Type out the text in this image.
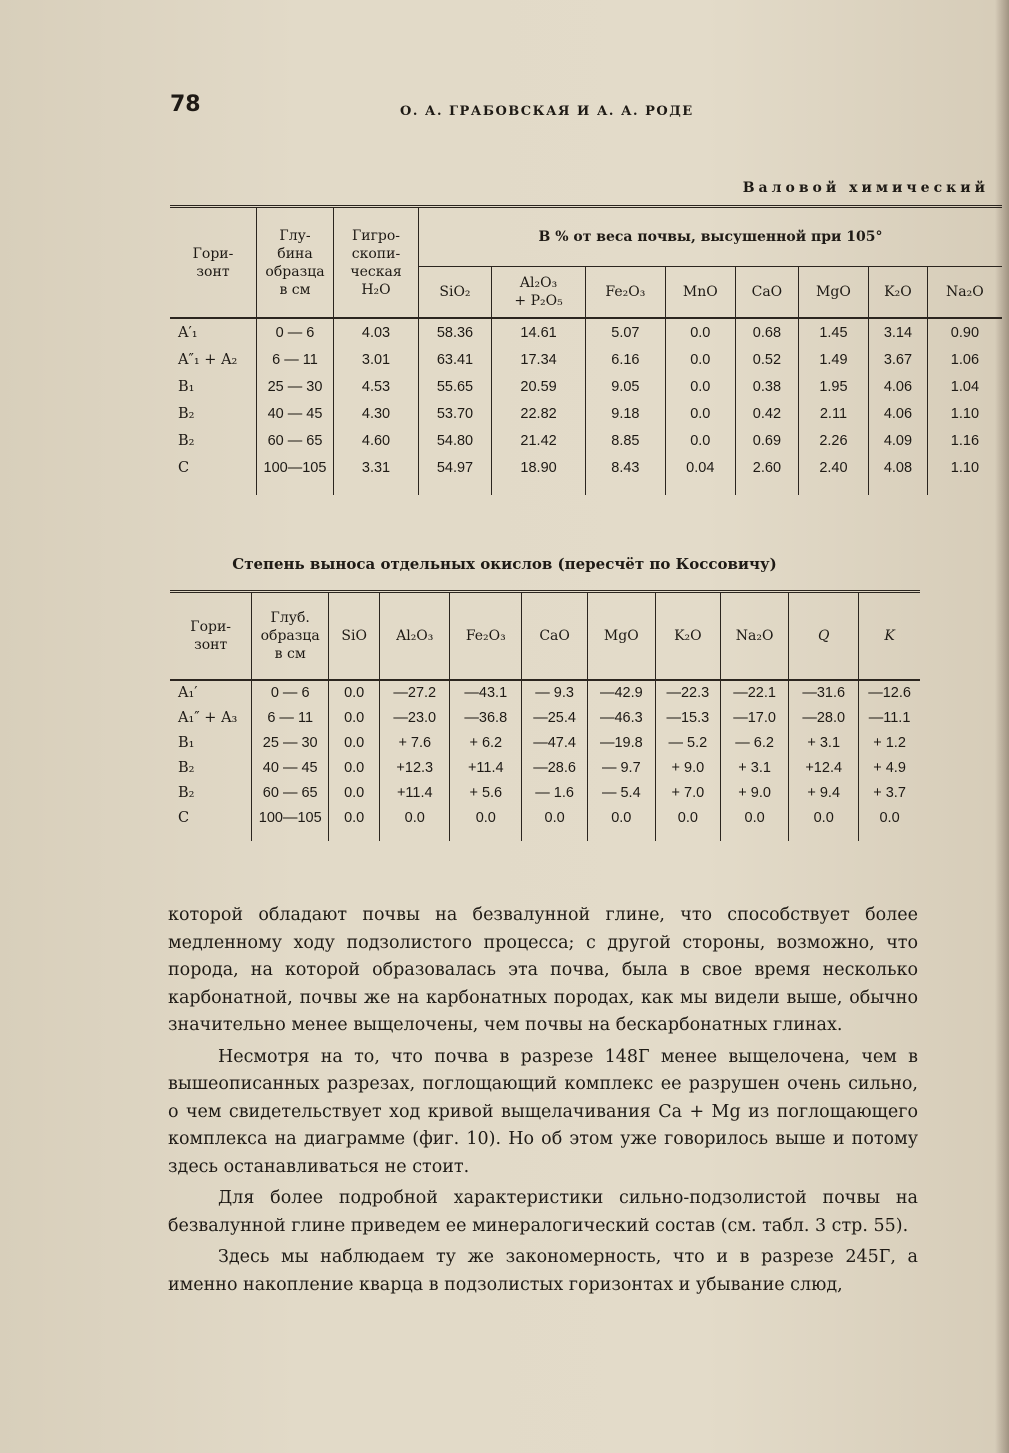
78	О. А. ГРАБОВСКАЯ И А. А. РОДЕ
Валовой химический
Гори-
зонт	Глу-
бина
образца
в см	Гигро-
скопи-
ческая
H₂O	В % от веса почвы, высушенной при 105°							
			SiO₂	Al₂O₃
+ P₂O₅	Fe₂O₃	MnO	CaO	MgO	K₂O	Na₂O
A′₁	0 — 6	4.03	58.36	14.61	5.07	0.0	0.68	1.45	3.14	0.90
A″₁ + A₂	6 — 11	3.01	63.41	17.34	6.16	0.0	0.52	1.49	3.67	1.06
B₁	25 — 30	4.53	55.65	20.59	9.05	0.0	0.38	1.95	4.06	1.04
B₂	40 — 45	4.30	53.70	22.82	9.18	0.0	0.42	2.11	4.06	1.10
B₂	60 — 65	4.60	54.80	21.42	8.85	0.0	0.69	2.26	4.09	1.16
C	100—105	3.31	54.97	18.90	8.43	0.04	2.60	2.40	4.08	1.10

Степень выноса отдельных окислов (пересчёт по Коссовичу)
Гори-
зонт	Глуб.
образца
в см	SiO	Al₂O₃	Fe₂O₃	CaO	MgO	K₂O	Na₂O	Q	K
A₁′	0 — 6	0.0	—27.2	—43.1	— 9.3	—42.9	—22.3	—22.1	—31.6	—12.6
A₁″ + A₃	6 — 11	0.0	—23.0	—36.8	—25.4	—46.3	—15.3	—17.0	—28.0	—11.1
B₁	25 — 30	0.0	+ 7.6	+ 6.2	—47.4	—19.8	— 5.2	— 6.2	+ 3.1	+ 1.2
B₂	40 — 45	0.0	+12.3	+11.4	—28.6	— 9.7	+ 9.0	+ 3.1	+12.4	+ 4.9
B₂	60 — 65	0.0	+11.4	+ 5.6	— 1.6	— 5.4	+ 7.0	+ 9.0	+ 9.4	+ 3.7
C	100—105	0.0	0.0	0.0	0.0	0.0	0.0	0.0	0.0	0.0

которой обладают почвы на безвалунной глине, что способствует более медленному ходу подзолистого процесса; с другой стороны, возможно, что порода, на которой образовалась эта почва, была в свое время несколько карбонатной, почвы же на карбонатных породах, как мы видели выше, обычно значительно менее выщелочены, чем почвы на бескарбонатных глинах.

Несмотря на то, что почва в разрезе 148Г менее выщелочена, чем в вышеописанных разрезах, поглощающий комплекс ее разрушен очень сильно, о чем свидетельствует ход кривой выщелачивания Ca + Mg из поглощающего комплекса на диаграмме (фиг. 10). Но об этом уже говорилось выше и потому здесь останавливаться не стоит.

Для более подробной характеристики сильно-подзолистой почвы на безвалунной глине приведем ее минералогический состав (см. табл. 3 стр. 55).

Здесь мы наблюдаем ту же закономерность, что и в разрезе 245Г, а именно накопление кварца в подзолистых горизонтах и убывание слюд,
